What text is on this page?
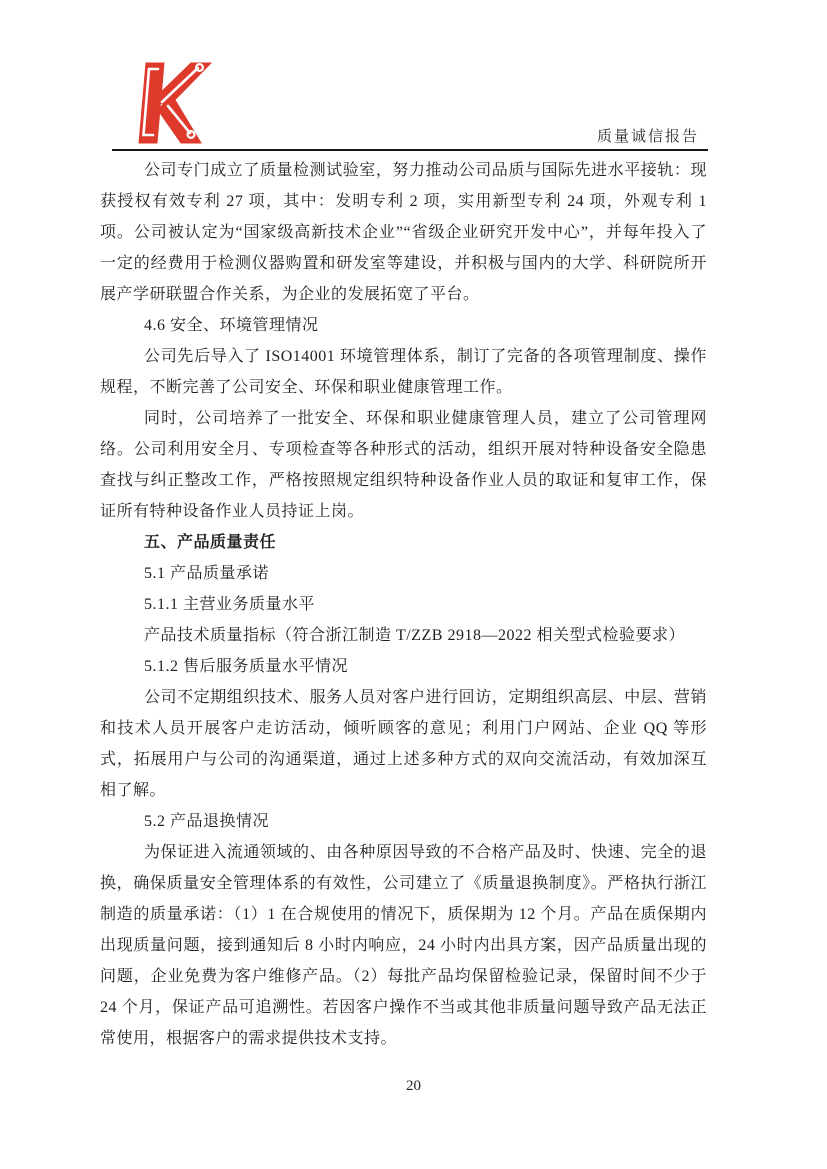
质量诚信报告

公司专门成立了质量检测试验室，努力推动公司品质与国际先进水平接轨：现获授权有效专利 27 项，其中：发明专利 2 项，实用新型专利 24 项，外观专利 1 项。公司被认定为“国家级高新技术企业”“省级企业研究开发中心”，并每年投入了一定的经费用于检测仪器购置和研发室等建设，并积极与国内的大学、科研院所开展产学研联盟合作关系，为企业的发展拓宽了平台。

4.6 安全、环境管理情况

公司先后导入了 ISO14001 环境管理体系，制订了完备的各项管理制度、操作规程，不断完善了公司安全、环保和职业健康管理工作。

同时，公司培养了一批安全、环保和职业健康管理人员，建立了公司管理网络。公司利用安全月、专项检查等各种形式的活动，组织开展对特种设备安全隐患查找与纠正整改工作，严格按照规定组织特种设备作业人员的取证和复审工作，保证所有特种设备作业人员持证上岗。

五、产品质量责任

5.1 产品质量承诺

5.1.1 主营业务质量水平

产品技术质量指标（符合浙江制造 T/ZZB 2918—2022 相关型式检验要求）

5.1.2 售后服务质量水平情况

公司不定期组织技术、服务人员对客户进行回访，定期组织高层、中层、营销和技术人员开展客户走访活动，倾听顾客的意见；利用门户网站、企业 QQ 等形式，拓展用户与公司的沟通渠道，通过上述多种方式的双向交流活动，有效加深互相了解。

5.2 产品退换情况

为保证进入流通领域的、由各种原因导致的不合格产品及时、快速、完全的退换，确保质量安全管理体系的有效性，公司建立了《质量退换制度》。严格执行浙江制造的质量承诺：（1）1 在合规使用的情况下，质保期为 12 个月。产品在质保期内出现质量问题，接到通知后 8 小时内响应，24 小时内出具方案，因产品质量出现的问题，企业免费为客户维修产品。（2）每批产品均保留检验记录，保留时间不少于 24 个月，保证产品可追溯性。若因客户操作不当或其他非质量问题导致产品无法正常使用，根据客户的需求提供技术支持。

20
